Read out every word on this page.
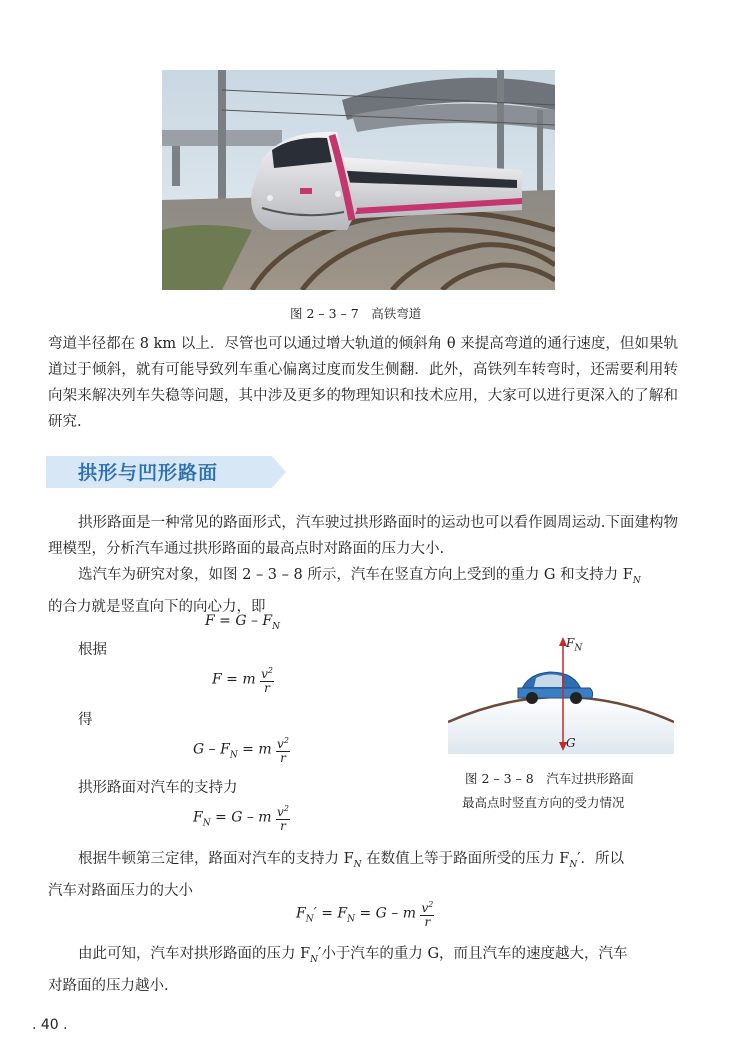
图 2 – 3 – 7　高铁弯道
弯道半径都在 8 km 以上．尽管也可以通过增大轨道的倾斜角 θ 来提高弯道的通行速度，但如果轨道过于倾斜，就有可能导致列车重心偏离过度而发生侧翻．此外，高铁列车转弯时，还需要利用转向架来解决列车失稳等问题，其中涉及更多的物理知识和技术应用，大家可以进行更深入的了解和研究.
拱形与凹形路面
拱形路面是一种常见的路面形式，汽车驶过拱形路面时的运动也可以看作圆周运动.下面建构物理模型，分析汽车通过拱形路面的最高点时对路面的压力大小.
选汽车为研究对象，如图 2 – 3 – 8 所示，汽车在竖直方向上受到的重力 G 和支持力 $F_N$
的合力就是竖直向下的向心力，即
$F = G - F_N$
根据
F = m $\frac{v^2}{r}$
得
$G - F_N = m \frac{v^2}{r}$
拱形路面对汽车的支持力
$F_N = G - m \frac{v^2}{r}$
$F_N$
G
图 2 – 3 – 8　汽车过拱形路面
最高点时竖直方向的受力情况
根据牛顿第三定律，路面对汽车的支持力 $F_N$ 在数值上等于路面所受的压力 $F_N'$．所以
汽车对路面压力的大小
$F_N' = F_N = G - m \frac{v^2}{r}$
由此可知，汽车对拱形路面的压力 $F_N'$小于汽车的重力 G，而且汽车的速度越大，汽车
对路面的压力越小.
. 40 .
